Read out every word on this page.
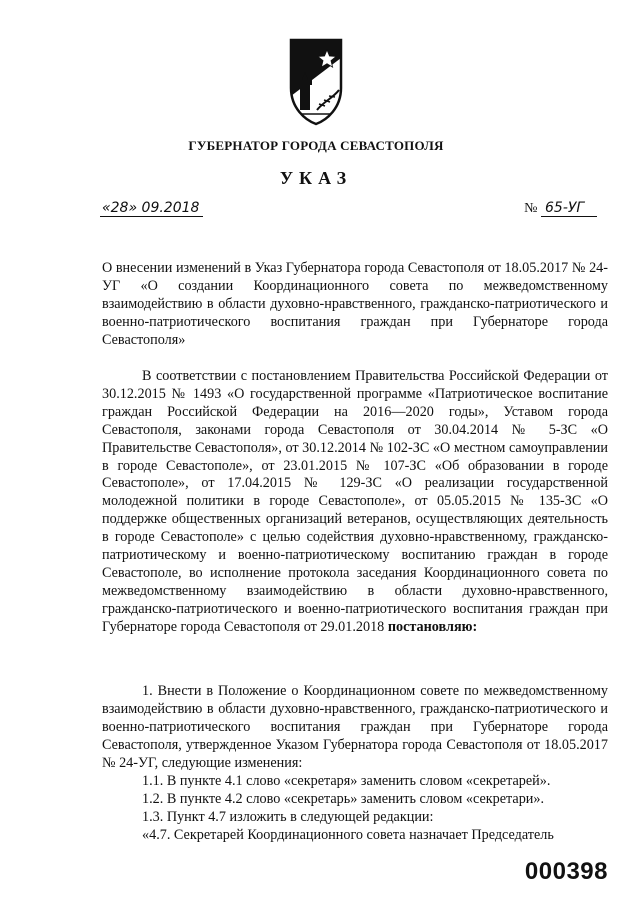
ГУБЕРНАТОР ГОРОДА СЕВАСТОПОЛЯ
УКАЗ
«28» 09.2018	№ 65-УГ
О внесении изменений в Указ Губернатора города Севастополя от 18.05.2017 № 24-УГ «О создании Координационного совета по межведомственному взаимодействию в области духовно-нравственного, гражданско-патриотического и военно-патриотического воспитания граждан при Губернаторе города Севастополя»
В соответствии с постановлением Правительства Российской Федерации от 30.12.2015 № 1493 «О государственной программе «Патриотическое воспитание граждан Российской Федерации на 2016—2020 годы», Уставом города Севастополя, законами города Севастополя от 30.04.2014 № 5-ЗС «О Правительстве Севастополя», от 30.12.2014 № 102-ЗС «О местном самоуправлении в городе Севастополе», от 23.01.2015 № 107-ЗС «Об образовании в городе Севастополе», от 17.04.2015 № 129-ЗС «О реализации государственной молодежной политики в городе Севастополе», от 05.05.2015 № 135-ЗС «О поддержке общественных организаций ветеранов, осуществляющих деятельность в городе Севастополе» с целью содействия духовно-нравственному, гражданско-патриотическому и военно-патриотическому воспитанию граждан в городе Севастополе, во исполнение протокола заседания Координационного совета по межведомственному взаимодействию в области духовно-нравственного, гражданско-патриотического и военно-патриотического воспитания граждан при Губернаторе города Севастополя от 29.01.2018 постановляю:
1. Внести в Положение о Координационном совете по межведомственному взаимодействию в области духовно-нравственного, гражданско-патриотического и военно-патриотического воспитания граждан при Губернаторе города Севастополя, утвержденное Указом Губернатора города Севастополя от 18.05.2017 № 24-УГ, следующие изменения:
1.1. В пункте 4.1 слово «секретаря» заменить словом «секретарей».
1.2. В пункте 4.2 слово «секретарь» заменить словом «секретари».
1.3. Пункт 4.7 изложить в следующей редакции:
«4.7. Секретарей Координационного совета назначает Председатель
000398
